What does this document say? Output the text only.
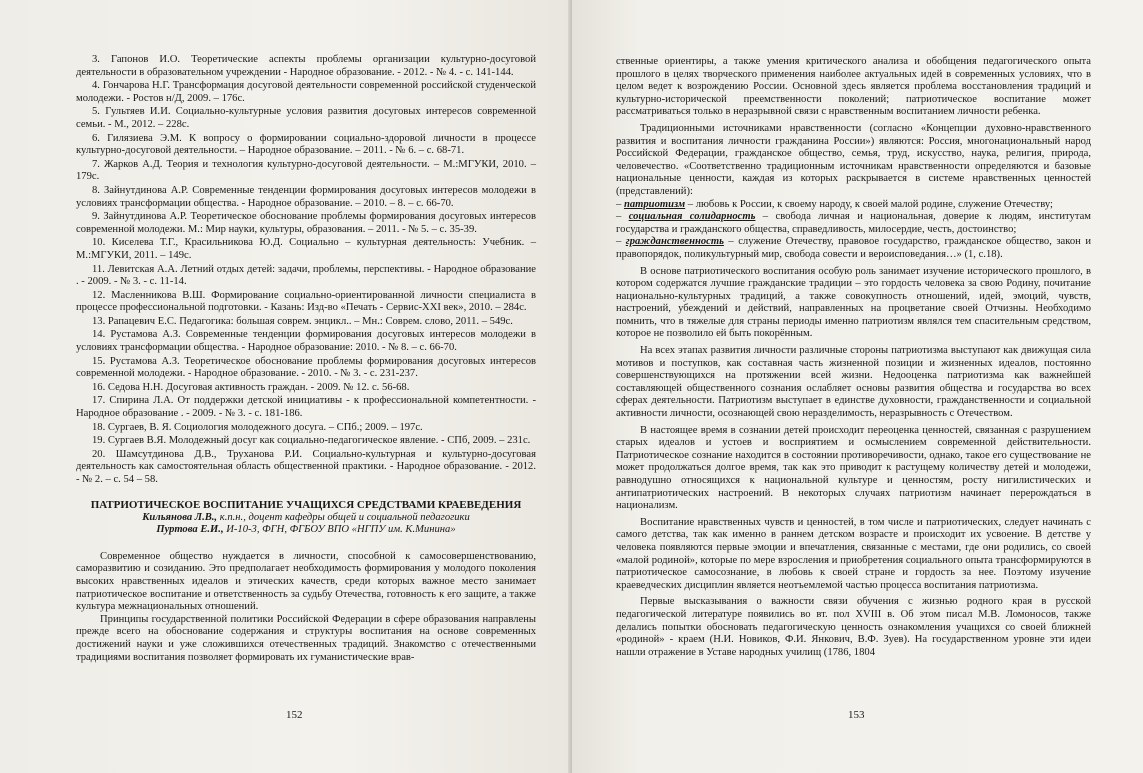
3. Гапонов И.О. Теоретические аспекты проблемы организации культурно-досуговой деятельности в образовательном учреждении - Народное образование. - 2012. - № 4. - с. 141-144.

4. Гончарова Н.Г. Трансформация досуговой деятельности современной российской студенческой молодежи. - Ростов н/Д, 2009. – 176с.

5. Гультяев И.И. Социально-культурные условия развития досуговых интересов современной семьи. - М., 2012. – 228с.

6. Гилязиева Э.М. К вопросу о формировании социально-здоровой личности в процессе культурно-досуговой деятельности. – Народное образование. – 2011. - № 6. – с. 68-71.

7. Жарков А.Д. Теория и технология культурно-досуговой деятельности. – М.:МГУКИ, 2010. – 179с.

8. Зайнутдинова А.Р. Современные тенденции формирования досуговых интересов молодежи в условиях трансформации общества. - Народное образование. – 2010. – 8. – с. 66-70.

9. Зайнутдинова А.Р. Теоретическое обоснование проблемы формирования досуговых интересов современной молодежи. М.: Мир науки, культуры, образования. – 2011. - № 5. – с. 35-39.

10. Киселева Т.Г., Красильникова Ю.Д. Социально – культурная деятельность: Учебник. – М.:МГУКИ, 2011. – 149с.

11. Левитская А.А. Летний отдых детей: задачи, проблемы, перспективы. - Народное образование . - 2009. - № 3. - с. 11-14.

12. Масленникова В.Ш. Формирование социально-ориентированной личности специалиста в процессе профессиональной подготовки. - Казань: Изд-во «Печать - Сервис-XXI век», 2010. – 284с.

13. Рапацевич Е.С. Педагогика: большая соврем. энцикл.. – Мн.: Соврем. слово, 2011. – 549с.

14. Рустамова А.З. Современные тенденции формирования досуговых интересов молодежи в условиях трансформации общества. - Народное образование: 2010. - № 8. – с. 66-70.

15. Рустамова А.З. Теоретическое обоснование проблемы формирования досуговых интересов современной молодежи. - Народное образование. - 2010. - № 3. - с. 231-237.

16. Седова Н.Н. Досуговая активность граждан. - 2009. № 12. с. 56-68.

17. Спирина Л.А. От поддержки детской инициативы - к профессиональной компетентности. - Народное образование . - 2009. - № 3. - с. 181-186.

18. Сургаев, В. Я. Социология молодежного досуга. – СПб.; 2009. – 197с.

19. Сургаев В.Я. Молодежный досуг как социально-педагогическое явление. - СПб, 2009. – 231с.

20. Шамсутдинова Д.В., Труханова Р.И. Социально-культурная и культурно-досуговая деятельность как самостоятельная область общественной практики. - Народное образование. - 2012. - № 2. – с. 54 – 58.

ПАТРИОТИЧЕСКОЕ ВОСПИТАНИЕ УЧАЩИХСЯ СРЕДСТВАМИ КРАЕВЕДЕНИЯ

Кильянова Л.В., к.п.н., доцент кафедры общей и социальной педагогики

Пуртова Е.И., И-10-3, ФГН, ФГБОУ ВПО «НГПУ им. К.Минина»

Современное общество нуждается в личности, способной к самосовершенствованию, саморазвитию и созиданию. Это предполагает необходимость формирования у молодого поколения высоких нравственных идеалов и этических качеств, среди которых важное место занимает патриотическое воспитание и ответственность за судьбу Отечества, готовность к его защите, а также культура межнациональных отношений.

Принципы государственной политики Российской Федерации в сфере образования направлены прежде всего на обоснование содержания и структуры воспитания на основе современных достижений науки и уже сложившихся отечественных традиций. Знакомство с отечественными традициями воспитания позволяет формировать их гуманистические врав-

152

ственные ориентиры, а также умения критического анализа и обобщения педагогического опыта прошлого в целях творческого применения наиболее актуальных идей в современных условиях, что в целом ведет к возрождению России. Основной здесь является проблема восстановления традиций и культурно-исторической преемственности поколений; патриотическое воспитание может рассматриваться только в неразрывной связи с нравственным воспитанием личности ребенка.

Традиционными источниками нравственности (согласно «Концепции духовно-нравственного развития и воспитания личности гражданина России») являются: Россия, многонациональный народ Российской Федерации, гражданское общество, семья, труд, искусство, наука, религия, природа, человечество. «Соответственно традиционным источникам нравственности определяются и базовые национальные ценности, каждая из которых раскрывается в системе нравственных ценностей (представлений):

– патриотизм – любовь к России, к своему народу, к своей малой родине, служение Отечеству;

– социальная солидарность – свобода личная и национальная, доверие к людям, институтам государства и гражданского общества, справедливость, милосердие, честь, достоинство;

– гражданственность – служение Отечеству, правовое государство, гражданское общество, закон и правопорядок, поликультурный мир, свобода совести и вероисповедания…» (1, с.18).

В основе патриотического воспитания особую роль занимает изучение исторического прошлого, в котором содержатся лучшие гражданские традиции – это гордость человека за свою Родину, почитание национально-культурных традиций, а также совокупность отношений, идей, эмоций, чувств, настроений, убеждений и действий, направленных на процветание своей Отчизны. Необходимо помнить, что в тяжелые для страны периоды именно патриотизм являлся тем спасительным средством, которое не позволило ей быть покорённым.

На всех этапах развития личности различные стороны патриотизма выступают как движущая сила мотивов и поступков, как составная часть жизненной позиции и жизненных идеалов, постоянно совершенствующихся на протяжении всей жизни. Недооценка патриотизма как важнейшей составляющей общественного сознания ослабляет основы развития общества и государства во всех сферах деятельности. Патриотизм выступает в единстве духовности, гражданственности и социальной активности личности, осознающей свою неразделимость, неразрывность с Отечеством.

В настоящее время в сознании детей происходит переоценка ценностей, связанная с разрушением старых идеалов и устоев и восприятием и осмыслением современной действительности. Патриотическое сознание находится в состоянии противоречивости, однако, такое его существование не может продолжаться долгое время, так как это приводит к растущему количеству детей и молодежи, равнодушно относящихся к национальной культуре и ценностям, росту нигилистических и антипатриотических настроений. В некоторых случаях патриотизм начинает перерождаться в национализм.

Воспитание нравственных чувств и ценностей, в том числе и патриотических, следует начинать с самого детства, так как именно в раннем детском возрасте и происходит их усвоение. В детстве у человека появляются первые эмоции и впечатления, связанные с местами, где они родились, со своей «малой родиной», которые по мере взросления и приобретения социального опыта трансформируются в патриотическое самосознание, в любовь к своей стране и гордость за нее. Поэтому изучение краеведческих дисциплин является неотъемлемой частью процесса воспитания патриотизма.

Первые высказывания о важности связи обучения с жизнью родного края в русской педагогической литературе появились во вт. пол XVIII в. Об этом писал М.В. Ломоносов, также делались попытки обосновать педагогическую ценность ознакомления учащихся со своей ближней «родиной» - краем (Н.И. Новиков, Ф.И. Янкович, В.Ф. Зуев). На государственном уровне эти идеи нашли отражение в Уставе народных училищ (1786, 1804

153
